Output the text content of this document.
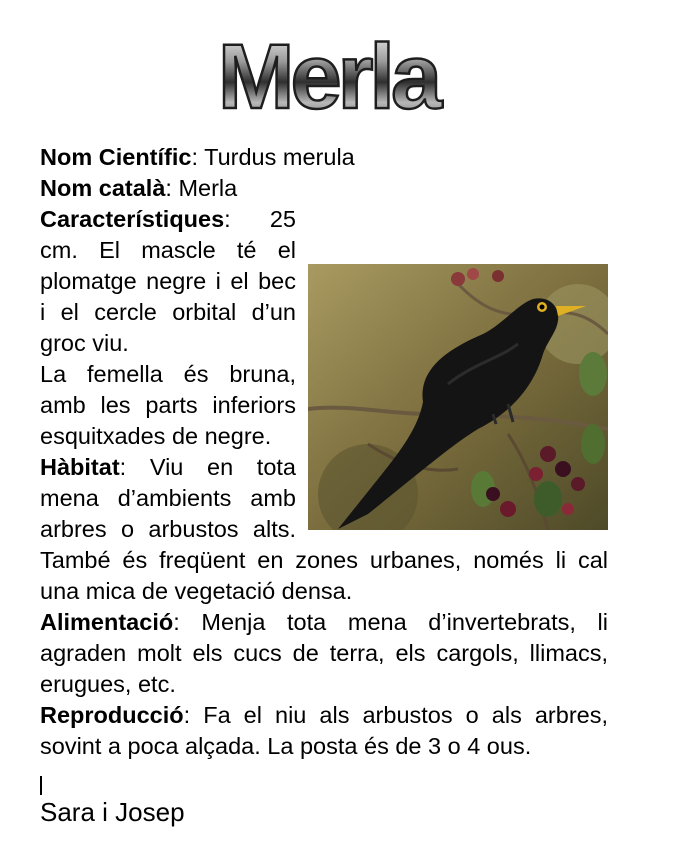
Merla

Nom Científic: Turdus merula

Nom català: Merla

Característiques: 25 cm. El mascle té el plomatge negre i el bec i el cercle orbital d’un groc viu.

La femella és bruna, amb les parts inferiors esquitxades de negre.

Hàbitat: Viu en tota mena d’ambients amb arbres o arbustos alts. També és freqüent en zones urbanes, només li cal una mica de vegetació densa.

Alimentació: Menja tota mena d’invertebrats, li agraden molt els cucs de terra, els cargols, llimacs, erugues, etc.

Reproducció: Fa el niu als arbustos o als arbres, sovint a poca alçada. La posta és de 3 o 4 ous.

Sara i Josep
